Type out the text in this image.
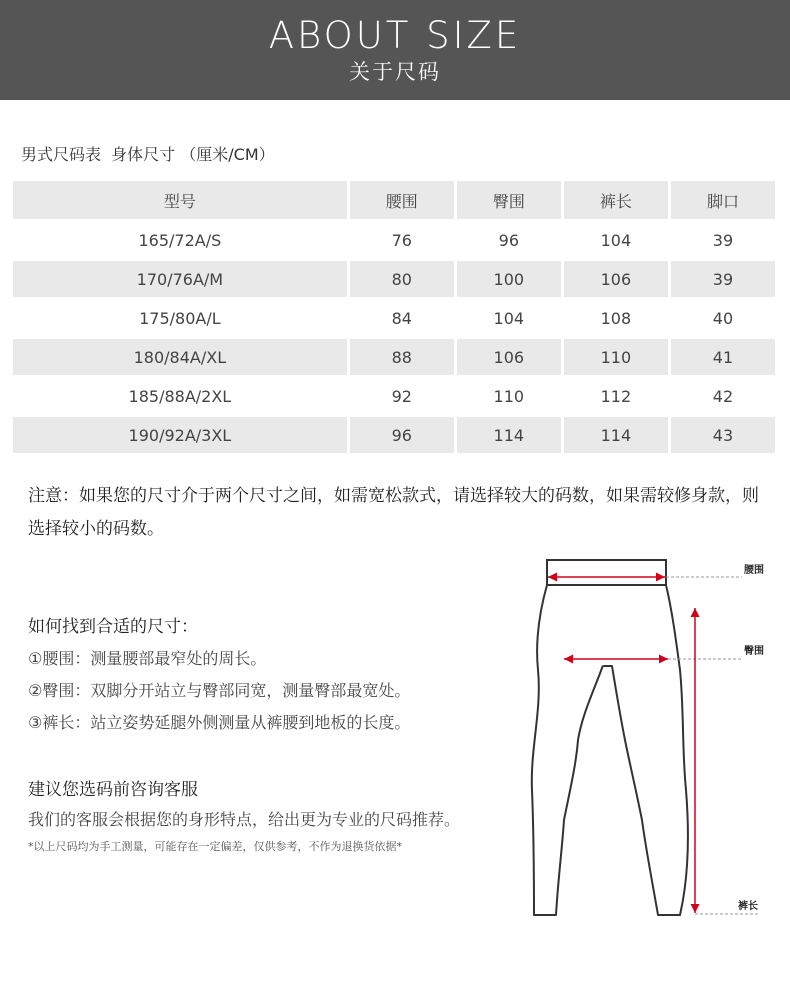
ABOUT SIZE
关于尺码
男式尺码表  身体尺寸 （厘米/CM）
型号	腰围	臀围	裤长	脚口
165/72A/S	76	96	104	39
170/76A/M	80	100	106	39
175/80A/L	84	104	108	40
180/84A/XL	88	106	110	41
185/88A/2XL	92	110	112	42
190/92A/3XL	96	114	114	43
注意：如果您的尺寸介于两个尺寸之间，如需宽松款式，请选择较大的码数，如果需较修身款，则选择较小的码数。
如何找到合适的尺寸：
①腰围：测量腰部最窄处的周长。
②臀围：双脚分开站立与臀部同宽，测量臀部最宽处。
③裤长：站立姿势延腿外侧测量从裤腰到地板的长度。
建议您选码前咨询客服
我们的客服会根据您的身形特点，给出更为专业的尺码推荐。
*以上尺码均为手工测量，可能存在一定偏差，仅供参考，不作为退换货依据*
腰围
臀围
裤长
